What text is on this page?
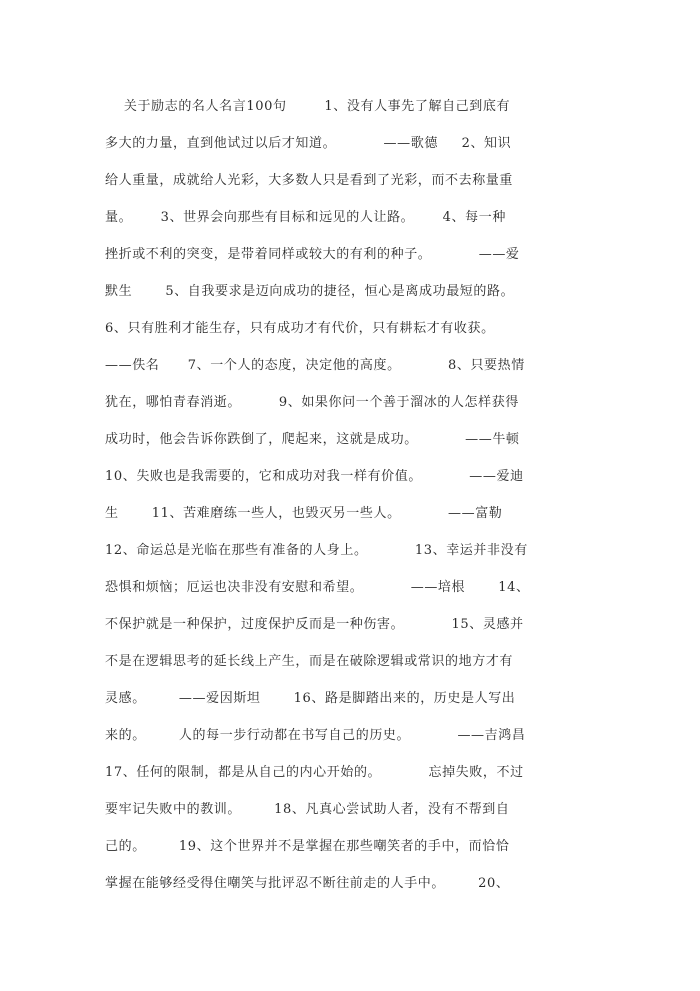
关于励志的名人名言100句        1、没有人事先了解自己到底有
多大的力量，直到他试过以后才知道。          ——歌德     2、知识
给人重量，成就给人光彩，大多数人只是看到了光彩，而不去称量重
量。      3、世界会向那些有目标和远见的人让路。      4、每一种
挫折或不利的突变，是带着同样或较大的有利的种子。          ——爱
默生       5、自我要求是迈向成功的捷径，恒心是离成功最短的路。
6、只有胜利才能生存，只有成功才有代价，只有耕耘才有收获。
——佚名      7、一个人的态度，决定他的高度。          8、只要热情
犹在，哪怕青春消逝。        9、如果你问一个善于溜冰的人怎样获得
成功时，他会告诉你跌倒了，爬起来，这就是成功。          ——牛顿
10、失败也是我需要的，它和成功对我一样有价值。          ——爱迪
生       11、苦难磨练一些人，也毁灭另一些人。          ——富勒
12、命运总是光临在那些有准备的人身上。          13、幸运并非没有
恐惧和烦恼；厄运也决非没有安慰和希望。          ——培根       14、
不保护就是一种保护，过度保护反而是一种伤害。          15、灵感并
不是在逻辑思考的延长线上产生，而是在破除逻辑或常识的地方才有
灵感。       ——爱因斯坦       16、路是脚踏出来的，历史是人写出
来的。       人的每一步行动都在书写自己的历史。          ——吉鸿昌
17、任何的限制，都是从自己的内心开始的。          忘掉失败，不过
要牢记失败中的教训。       18、凡真心尝试助人者，没有不帮到自
己的。       19、这个世界并不是掌握在那些嘲笑者的手中，而恰恰
掌握在能够经受得住嘲笑与批评忍不断往前走的人手中。       20、
